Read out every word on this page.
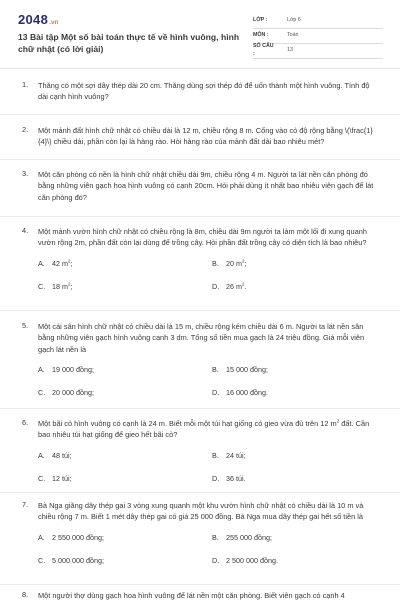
2048.vn
13 Bài tập Một số bài toán thực tế về hình vuông, hình chữ nhật (có lời giải)
LỚP :	Lớp 6
MÔN :	Toán
SỐ CÂU :
13
1. Thăng có một sợi dây thép dài 20 cm. Thăng dùng sợi thép đó để uốn thành một hình vuông. Tính độ dài cạnh hình vuông?
2. Một mảnh đất hình chữ nhật có chiều dài là 12 m, chiều rộng 8 m. Cổng vào có độ rộng bằng \(\frac{1}{4}\) chiều dài, phần còn lại là hàng rào. Hỏi hàng rào của mảnh đất dài bao nhiêu mét?
3. Một căn phòng có nền là hình chữ nhật chiều dài 9m, chiều rộng 4 m. Người ta lát nền căn phòng đó bằng những viên gạch hoa hình vuông có cạnh 20cm. Hỏi phải dùng ít nhất bao nhiêu viên gạch để lát căn phòng đó?
4. Một mảnh vườn hình chữ nhật có chiều rộng là 8m, chiều dài 9m người ta làm một lối đi xung quanh vườn rộng 2m, phần đất còn lại dùng để trồng cây. Hỏi phần đất trồng cây có diện tích là bao nhiêu?
A. 42 $m^2$;	B. 20 $m^2$;
C. 18 $m^2$;	D. 26 $m^2$.
5. Một cái sân hình chữ nhật có chiều dài là 15 m, chiều rộng kém chiều dài 6 m. Người ta lát nền sân bằng những viên gạch hình vuông cạnh 3 dm. Tổng số tiền mua gạch là 24 triệu đồng. Giá mỗi viên gạch lát nền là
A. 19 000 đồng;	B. 15 000 đồng;
C. 20 000 đồng;	D. 16 000 đồng.
6. Một bãi cỏ hình vuông có cạnh là 24 m. Biết mỗi một túi hạt giống có gieo vừa đủ trên 12 $m^2$ đất. Cần bao nhiêu túi hạt giống để gieo hết bãi cỏ?
A. 48 túi;	B. 24 túi;
C. 12 túi;	D. 36 túi.
7. Bà Nga giăng dây thép gai 3 vòng xung quanh một khu vườn hình chữ nhật có chiều dài là 10 m và chiều rộng 7 m. Biết 1 mét dây thép gai có giá 25 000 đồng. Bà Nga mua dây thép gai hết số tiền là
A. 2 550 000 đồng;	B. 255 000 đồng;
C. 5 000 000 đồng;	D. 2 500 000 đồng.
8. Một người thợ dùng gạch hoa hình vuông để lát nền một căn phòng. Biết viên gạch có cạnh 4
